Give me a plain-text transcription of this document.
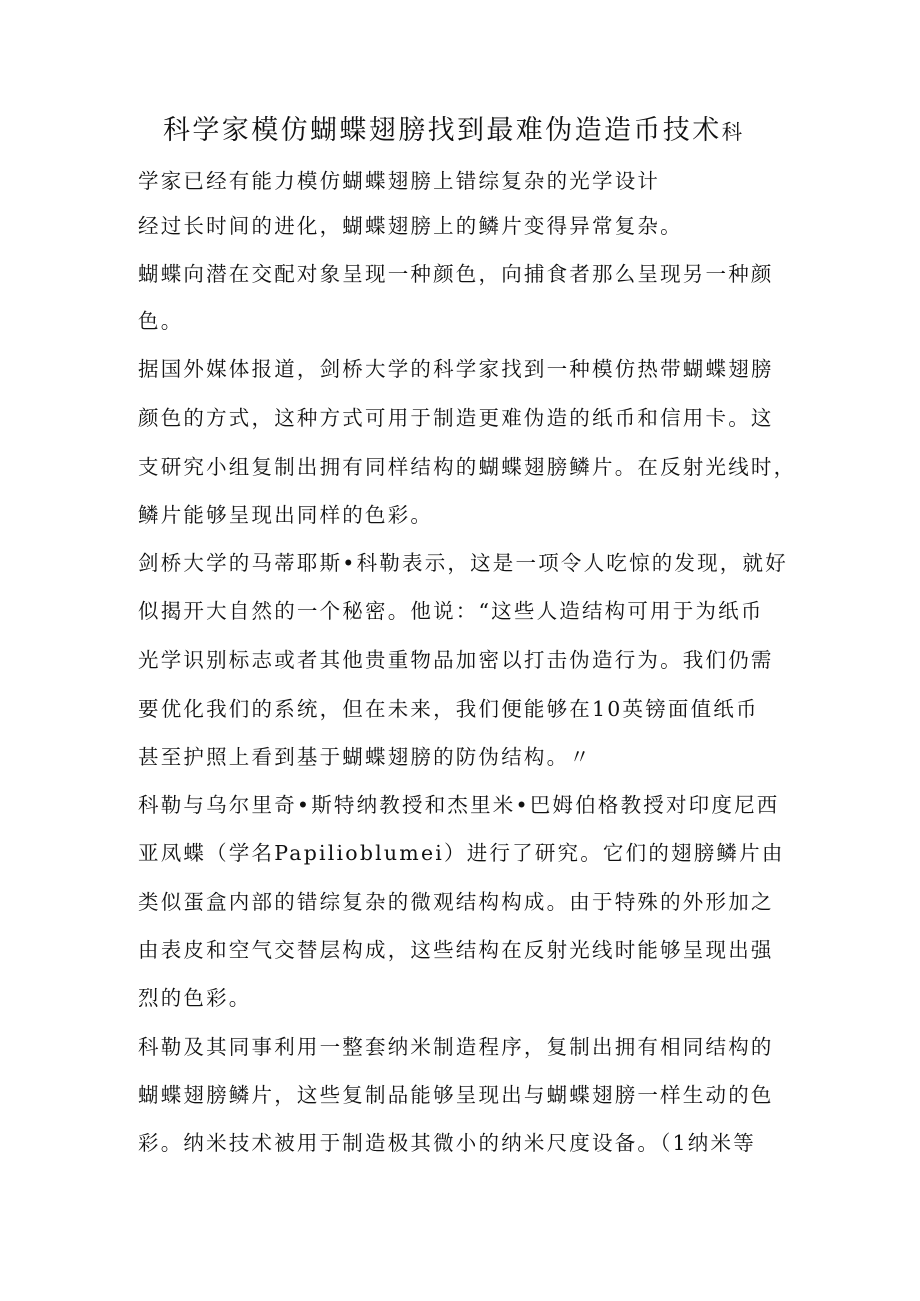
科学家模仿蝴蝶翅膀找到最难伪造造币技术科
学家已经有能力模仿蝴蝶翅膀上错综复杂的光学设计
经过长时间的进化，蝴蝶翅膀上的鳞片变得异常复杂。
蝴蝶向潜在交配对象呈现一种颜色，向捕食者那么呈现另一种颜
色。
据国外媒体报道，剑桥大学的科学家找到一种模仿热带蝴蝶翅膀
颜色的方式，这种方式可用于制造更难伪造的纸币和信用卡。这
支研究小组复制出拥有同样结构的蝴蝶翅膀鳞片。在反射光线时，
鳞片能够呈现出同样的色彩。
剑桥大学的马蒂耶斯•科勒表示，这是一项令人吃惊的发现，就好
似揭开大自然的一个秘密。他说：“这些人造结构可用于为纸币
光学识别标志或者其他贵重物品加密以打击伪造行为。我们仍需
要优化我们的系统，但在未来，我们便能够在10英镑面值纸币
甚至护照上看到基于蝴蝶翅膀的防伪结构。〃
科勒与乌尔里奇•斯特纳教授和杰里米•巴姆伯格教授对印度尼西
亚凤蝶（学名Papilioblumei）进行了研究。它们的翅膀鳞片由
类似蛋盒内部的错综复杂的微观结构构成。由于特殊的外形加之
由表皮和空气交替层构成，这些结构在反射光线时能够呈现出强
烈的色彩。
科勒及其同事利用一整套纳米制造程序，复制出拥有相同结构的
蝴蝶翅膀鳞片，这些复制品能够呈现出与蝴蝶翅膀一样生动的色
彩。纳米技术被用于制造极其微小的纳米尺度设备。（1纳米等
